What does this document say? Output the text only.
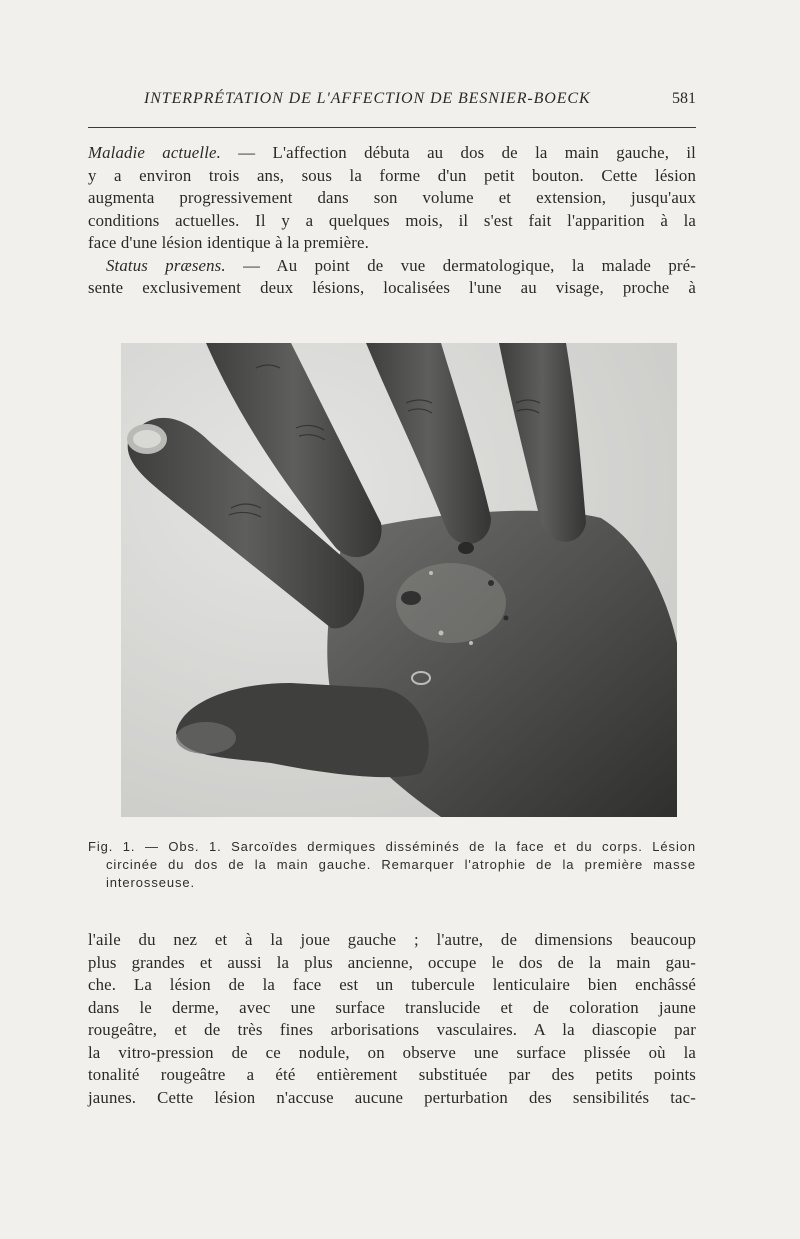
INTERPRÉTATION DE L'AFFECTION DE BESNIER-BOECK	581
Maladie actuelle. — L'affection débuta au dos de la main gauche, il
y a environ trois ans, sous la forme d'un petit bouton. Cette lésion
augmenta progressivement dans son volume et extension, jusqu'aux
conditions actuelles. Il y a quelques mois, il s'est fait l'apparition à la
face d'une lésion identique à la première.
Status præsens. — Au point de vue dermatologique, la malade pré-
sente exclusivement deux lésions, localisées l'une au visage, proche à
Fig. 1. — Obs. 1. Sarcoïdes dermiques disséminés de la face et du corps. Lésion
circinée du dos de la main gauche. Remarquer l'atrophie de la première masse
interosseuse.
l'aile du nez et à la joue gauche ; l'autre, de dimensions beaucoup
plus grandes et aussi la plus ancienne, occupe le dos de la main gau-
che. La lésion de la face est un tubercule lenticulaire bien enchâssé
dans le derme, avec une surface translucide et de coloration jaune
rougeâtre, et de très fines arborisations vasculaires. A la diascopie par
la vitro-pression de ce nodule, on observe une surface plissée où la
tonalité rougeâtre a été entièrement substituée par des petits points
jaunes. Cette lésion n'accuse aucune perturbation des sensibilités tac-
